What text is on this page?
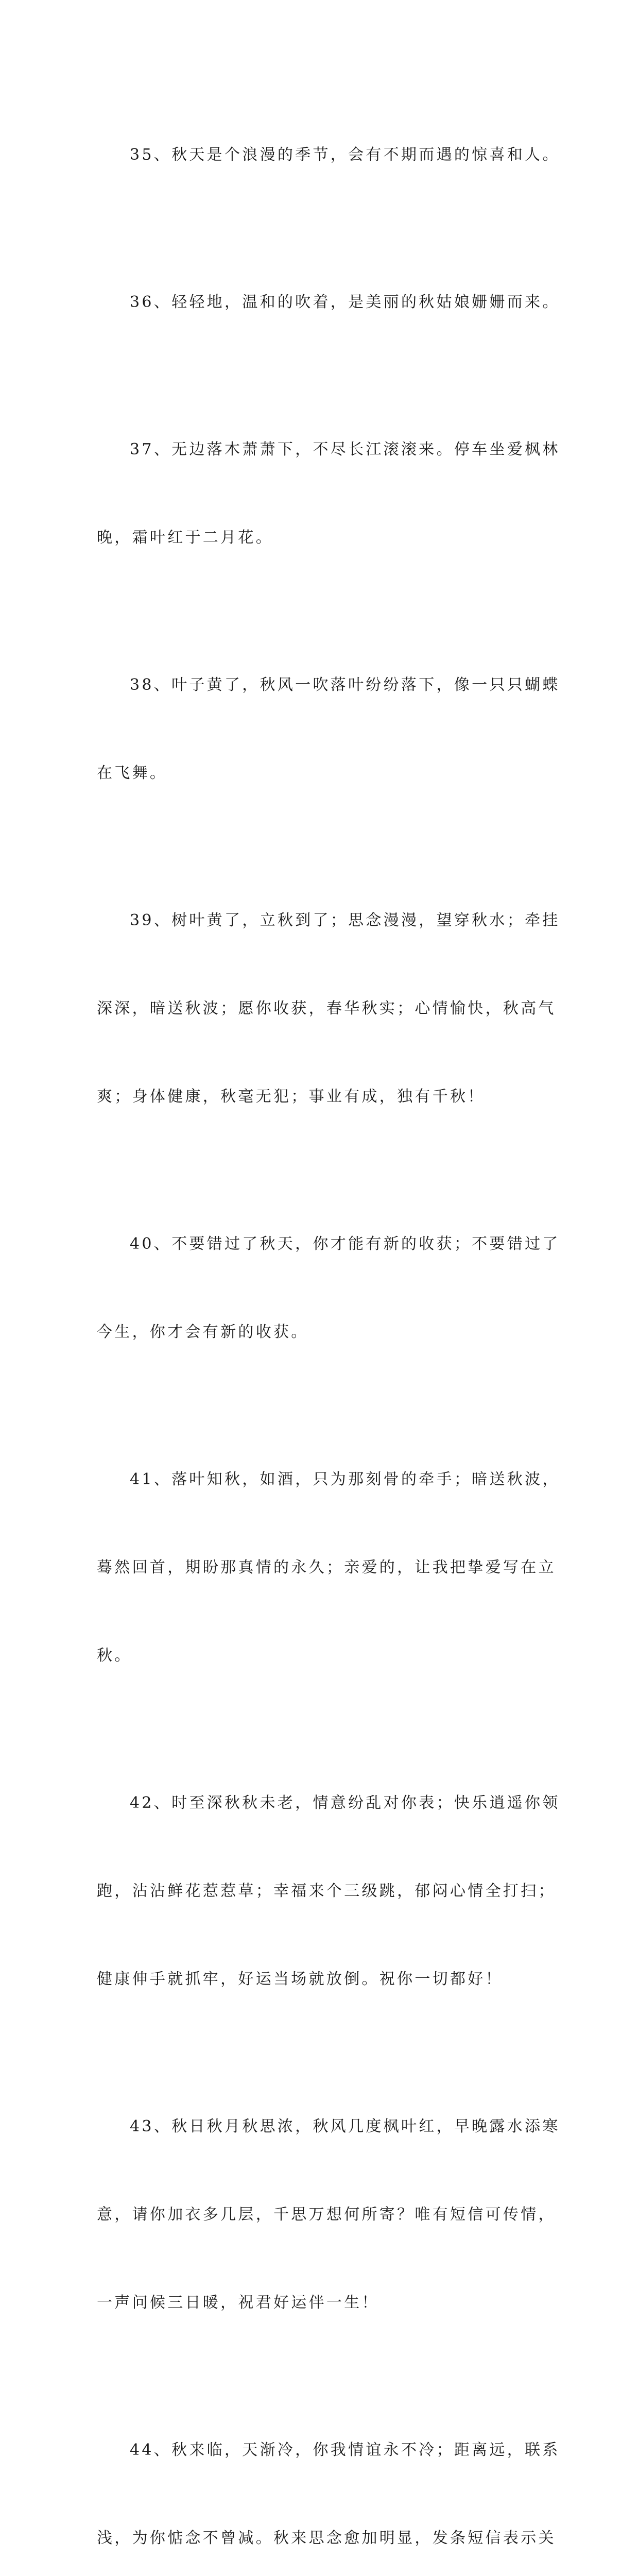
35、秋天是个浪漫的季节，会有不期而遇的惊喜和人。

36、轻轻地，温和的吹着，是美丽的秋姑娘姗姗而来。

37、无边落木萧萧下，不尽长江滚滚来。停车坐爱枫林

晚，霜叶红于二月花。

38、叶子黄了，秋风一吹落叶纷纷落下，像一只只蝴蝶

在飞舞。

39、树叶黄了，立秋到了；思念漫漫，望穿秋水；牵挂

深深，暗送秋波；愿你收获，春华秋实；心情愉快，秋高气

爽；身体健康，秋毫无犯；事业有成，独有千秋！

40、不要错过了秋天，你才能有新的收获；不要错过了

今生，你才会有新的收获。

41、落叶知秋，如酒，只为那刻骨的牵手；暗送秋波，

蓦然回首，期盼那真情的永久；亲爱的，让我把挚爱写在立

秋。

42、时至深秋秋未老，情意纷乱对你表；快乐逍遥你领

跑，沾沾鲜花惹惹草；幸福来个三级跳，郁闷心情全打扫；

健康伸手就抓牢，好运当场就放倒。祝你一切都好！

43、秋日秋月秋思浓，秋风几度枫叶红，早晚露水添寒

意，请你加衣多几层，千思万想何所寄？唯有短信可传情，

一声问候三日暖，祝君好运伴一生！

44、秋来临，天渐冷，你我情谊永不冷；距离远，联系

浅，为你惦念不曾减。秋来思念愈加明显，发条短信表示关
